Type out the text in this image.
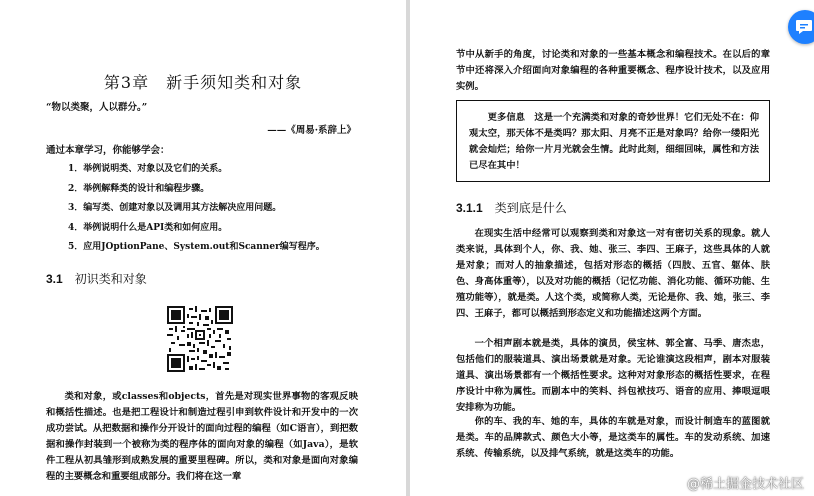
第3章　新手须知类和对象
“物以类聚，人以群分。”
——《周易·系辞上》
通过本章学习，你能够学会：
1．举例说明类、对象以及它们的关系。
2．举例解释类的设计和编程步骤。
3．编写类、创建对象以及调用其方法解决应用问题。
4．举例说明什么是API类和如何应用。
5．应用JOptionPane、System.out和Scanner编写程序。
3.1 初识类和对象

类和对象，或classes和objects，首先是对现实世界事物的客观反映和概括性描述。也是把工程设计和制造过程引申到软件设计和开发中的一次成功尝试。从把数据和操作分开设计的面向过程的编程（如C语言），到把数据和操作封装到一个被称为类的程序体的面向对象的编程（如Java），是软件工程从初具雏形到成熟发展的重要里程碑。所以，类和对象是面向对象编程的主要概念和重要组成部分。我们将在这一章

节中从新手的角度，讨论类和对象的一些基本概念和编程技术。在以后的章节中还将深入介绍面向对象编程的各种重要概念、程序设计技术，以及应用实例。

更多信息　这是一个充满类和对象的奇妙世界！它们无处不在：仰观太空，那天体不是类吗？那太阳、月亮不正是对象吗？给你一缕阳光就会灿烂；给你一片月光就会生情。此时此刻，细细回味，属性和方法已尽在其中！

3.1.1 类到底是什么

在现实生活中经常可以观察到类和对象这一对有密切关系的现象。就人类来说，具体到个人，你、我、她、张三、李四、王麻子，这些具体的人就是对象；而对人的抽象描述，包括对形态的概括（四肢、五官、躯体、肤色、身高体重等），以及对功能的概括（记忆功能、消化功能、循环功能、生殖功能等），就是类。人这个类，或简称人类，无论是你、我、她，张三、李四、王麻子，都可以概括到形态定义和功能描述这两个方面。

一个相声剧本就是类，具体的演员，侯宝林、郭全富、马季、唐杰忠，包括他们的服装道具、演出场景就是对象。无论谁演这段相声，剧本对服装道具、演出场景都有一个概括性要求。这种对对象形态的概括性要求，在程序设计中称为属性。而剧本中的笑料、抖包袱技巧、语音的应用、捧哏逗哏安排称为功能。

你的车、我的车、她的车，具体的车就是对象，而设计制造车的蓝图就是类。车的品牌款式、颜色大小等，是这类车的属性。车的发动系统、加速系统、传输系统，以及排气系统，就是这类车的功能。

@稀土掘金技术社区
